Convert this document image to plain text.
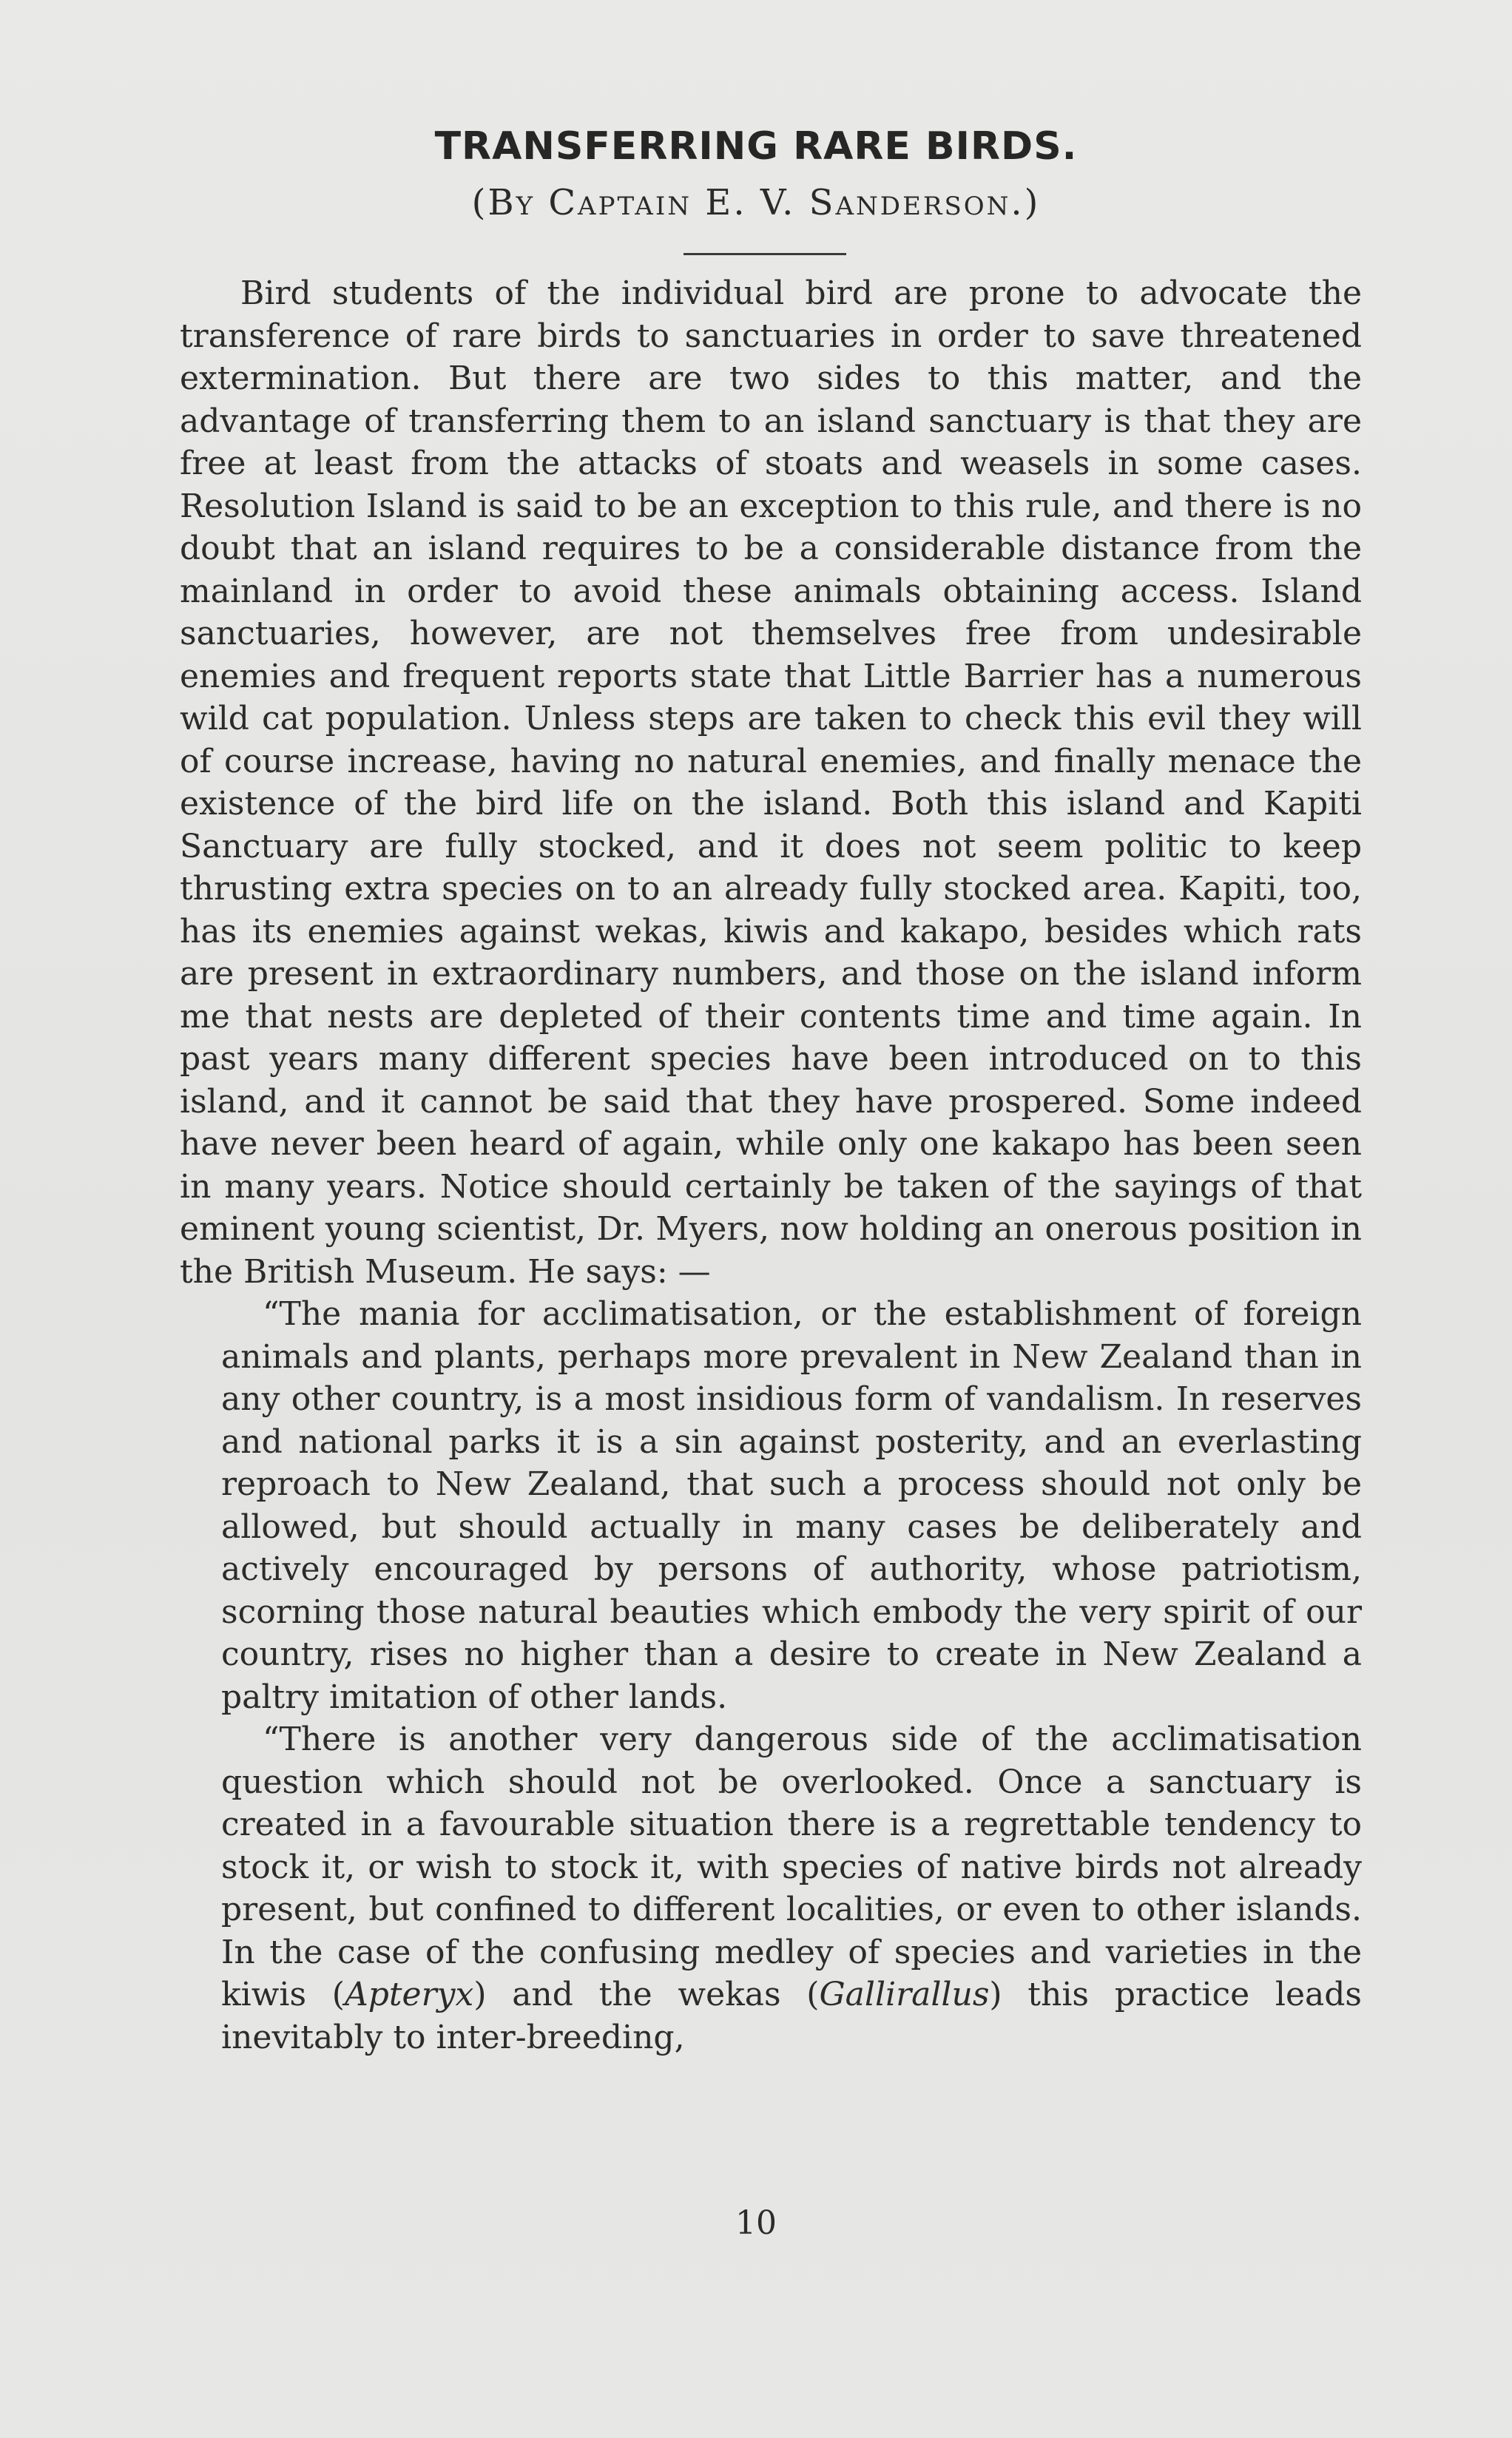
TRANSFERRING RARE BIRDS.
(By Captain E. V. Sanderson.)

Bird students of the individual bird are prone to advocate the transference of rare birds to sanctuaries in order to save threatened extermination. But there are two sides to this matter, and the advantage of transferring them to an island sanctuary is that they are free at least from the attacks of stoats and weasels in some cases. Resolution Island is said to be an exception to this rule, and there is no doubt that an island requires to be a considerable distance from the mainland in order to avoid these animals obtaining access. Island sanctuaries, however, are not themselves free from undesirable enemies and frequent reports state that Little Barrier has a numerous wild cat population. Unless steps are taken to check this evil they will of course increase, having no natural enemies, and finally menace the existence of the bird life on the island. Both this island and Kapiti Sanctuary are fully stocked, and it does not seem politic to keep thrusting extra species on to an already fully stocked area. Kapiti, too, has its enemies against wekas, kiwis and kakapo, besides which rats are present in extraordinary numbers, and those on the island inform me that nests are depleted of their contents time and time again. In past years many different species have been introduced on to this island, and it cannot be said that they have prospered. Some indeed have never been heard of again, while only one kakapo has been seen in many years. Notice should certainly be taken of the sayings of that eminent young scientist, Dr. Myers, now holding an onerous position in the British Museum. He says: —

“The mania for acclimatisation, or the establishment of foreign animals and plants, perhaps more prevalent in New Zealand than in any other country, is a most insidious form of vandalism. In reserves and national parks it is a sin against posterity, and an everlasting reproach to New Zealand, that such a process should not only be allowed, but should actually in many cases be deliberately and actively encouraged by persons of authority, whose patriotism, scorning those natural beauties which embody the very spirit of our country, rises no higher than a desire to create in New Zealand a paltry imitation of other lands.

“There is another very dangerous side of the acclimatisation question which should not be overlooked. Once a sanctuary is created in a favourable situation there is a regrettable tendency to stock it, or wish to stock it, with species of native birds not already present, but confined to different localities, or even to other islands. In the case of the confusing medley of species and varieties in the kiwis (Apteryx) and the wekas (Gallirallus) this practice leads inevitably to inter-breeding,

10
